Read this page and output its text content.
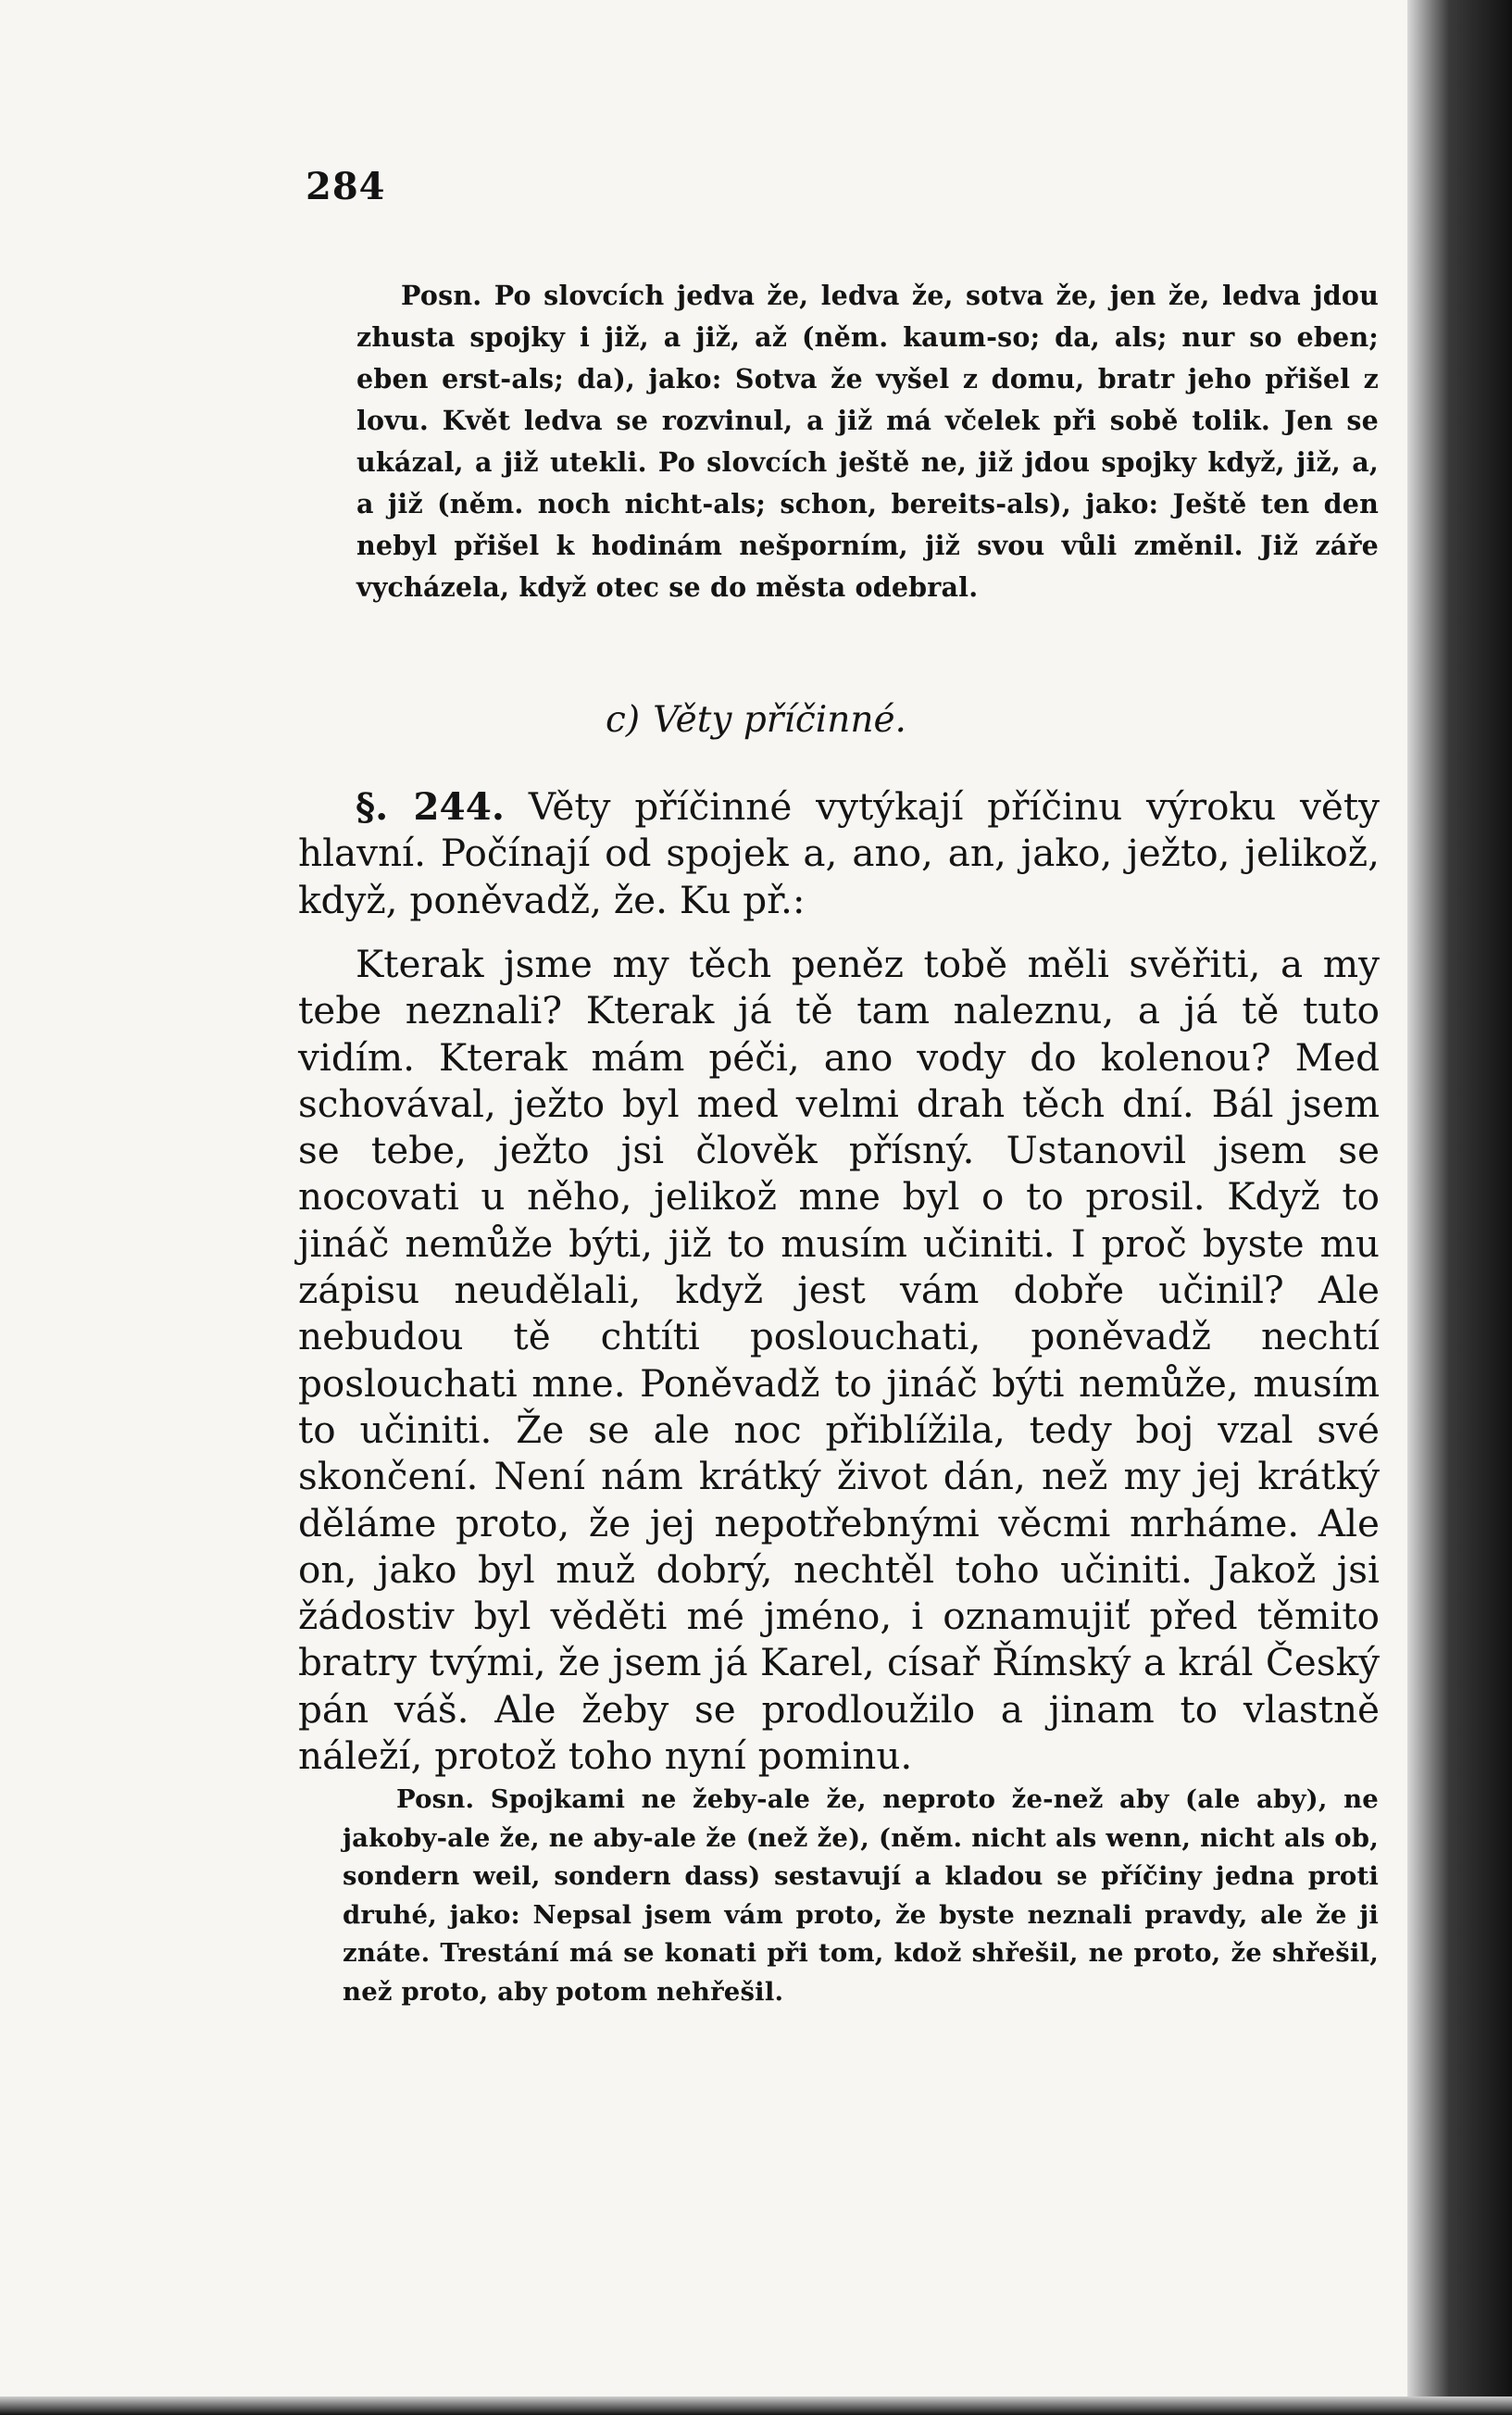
284

Posn. Po slovcích jedva že, ledva že, sotva že, jen že, ledva jdou zhusta spojky i již, a již, až (něm. kaum-so; da, als; nur so eben; eben erst-als; da), jako: Sotva že vyšel z domu, bratr jeho přišel z lovu. Květ ledva se rozvinul, a již má včelek při sobě tolik. Jen se ukázal, a již utekli. Po slovcích ještě ne, již jdou spojky když, již, a, a již (něm. noch nicht-als; schon, bereits-als), jako: Ještě ten den nebyl přišel k hodinám nešporním, již svou vůli změnil. Již záře vycházela, když otec se do města odebral.

c) Věty příčinné.

§. 244. Věty příčinné vytýkají příčinu výroku věty hlavní. Počínají od spojek a, ano, an, jako, ježto, jelikož, když, poněvadž, že. Ku př.:

Kterak jsme my těch peněz tobě měli svěřiti, a my tebe neznali? Kterak já tě tam naleznu, a já tě tuto vidím. Kterak mám péči, ano vody do kolenou? Med schovával, ježto byl med velmi drah těch dní. Bál jsem se tebe, ježto jsi člověk přísný. Ustanovil jsem se nocovati u něho, jelikož mne byl o to prosil. Když to jináč nemůže býti, již to musím učiniti. I proč byste mu zápisu neudělali, když jest vám dobře učinil? Ale nebudou tě chtíti poslouchati, poněvadž nechtí poslouchati mne. Poněvadž to jináč býti nemůže, musím to učiniti. Že se ale noc přiblížila, tedy boj vzal své skončení. Není nám krátký život dán, než my jej krátký děláme proto, že jej nepotřebnými věcmi mrháme. Ale on, jako byl muž dobrý, nechtěl toho učiniti. Jakož jsi žádostiv byl věděti mé jméno, i oznamujiť před těmito bratry tvými, že jsem já Karel, císař Římský a král Český pán váš. Ale žeby se prodloužilo a jinam to vlastně náleží, protož toho nyní pominu.

Posn. Spojkami ne žeby-ale že, neproto že-než aby (ale aby), ne jakoby-ale že, ne aby-ale že (než že), (něm. nicht als wenn, nicht als ob, sondern weil, sondern dass) sestavují a kladou se příčiny jedna proti druhé, jako: Nepsal jsem vám proto, že byste neznali pravdy, ale že ji znáte. Trestání má se konati při tom, kdož shřešil, ne proto, že shřešil, než proto, aby potom nehřešil.
